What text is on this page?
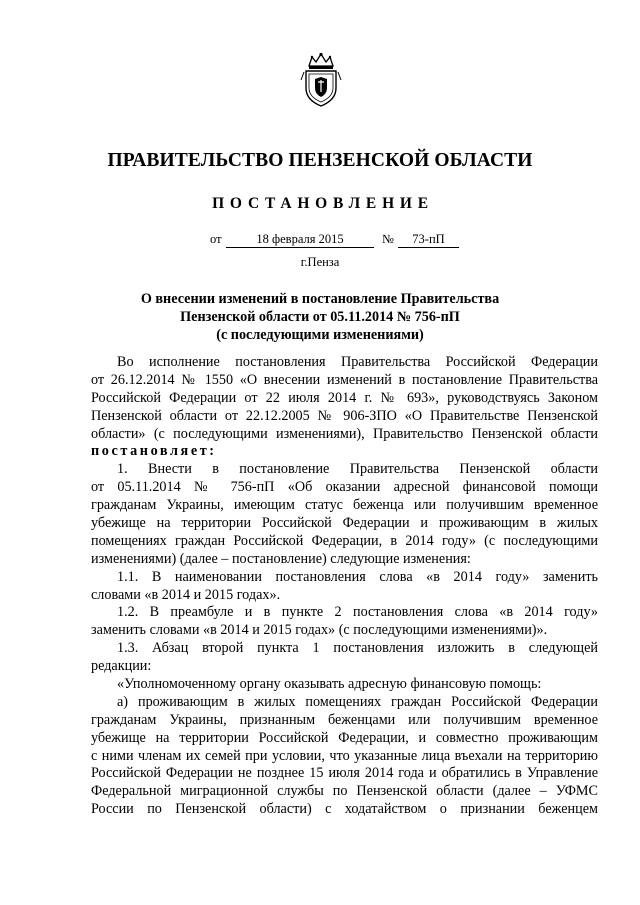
ПРАВИТЕЛЬСТВО ПЕНЗЕНСКОЙ ОБЛАСТИ
ПОСТАНОВЛЕНИЕ
от	18 февраля 2015	№	73-пП
г.Пенза
О внесении изменений в постановление Правительства
Пензенской области от 05.11.2014 № 756-пП
(с последующими изменениями)
Во исполнение постановления Правительства Российской Федерации
от 26.12.2014 № 1550 «О внесении изменений в постановление Правительства
Российской Федерации от 22 июля 2014 г. № 693», руководствуясь Законом
Пензенской области от 22.12.2005 № 906-ЗПО «О Правительстве Пензенской
области» (с последующими изменениями), Правительство Пензенской области
постановляет:
1. Внести в постановление Правительства Пензенской области
от 05.11.2014 № 756-пП «Об оказании адресной финансовой помощи
гражданам Украины, имеющим статус беженца или получившим временное
убежище на территории Российской Федерации и проживающим в жилых
помещениях граждан Российской Федерации, в 2014 году» (с последующими
изменениями) (далее – постановление) следующие изменения:
1.1. В наименовании постановления слова «в 2014 году» заменить
словами «в 2014 и 2015 годах».
1.2. В преамбуле и в пункте 2 постановления слова «в 2014 году»
заменить словами «в 2014 и 2015 годах» (с последующими изменениями)».
1.3. Абзац второй пункта 1 постановления изложить в следующей
редакции:
«Уполномоченному органу оказывать адресную финансовую помощь:
а) проживающим в жилых помещениях граждан Российской Федерации
гражданам Украины, признанным беженцами или получившим временное
убежище на территории Российской Федерации, и совместно проживающим
с ними членам их семей при условии, что указанные лица въехали на территорию
Российской Федерации не позднее 15 июля 2014 года и обратились в Управление
Федеральной миграционной службы по Пензенской области (далее – УФМС
России по Пензенской области) с ходатайством о признании беженцем
